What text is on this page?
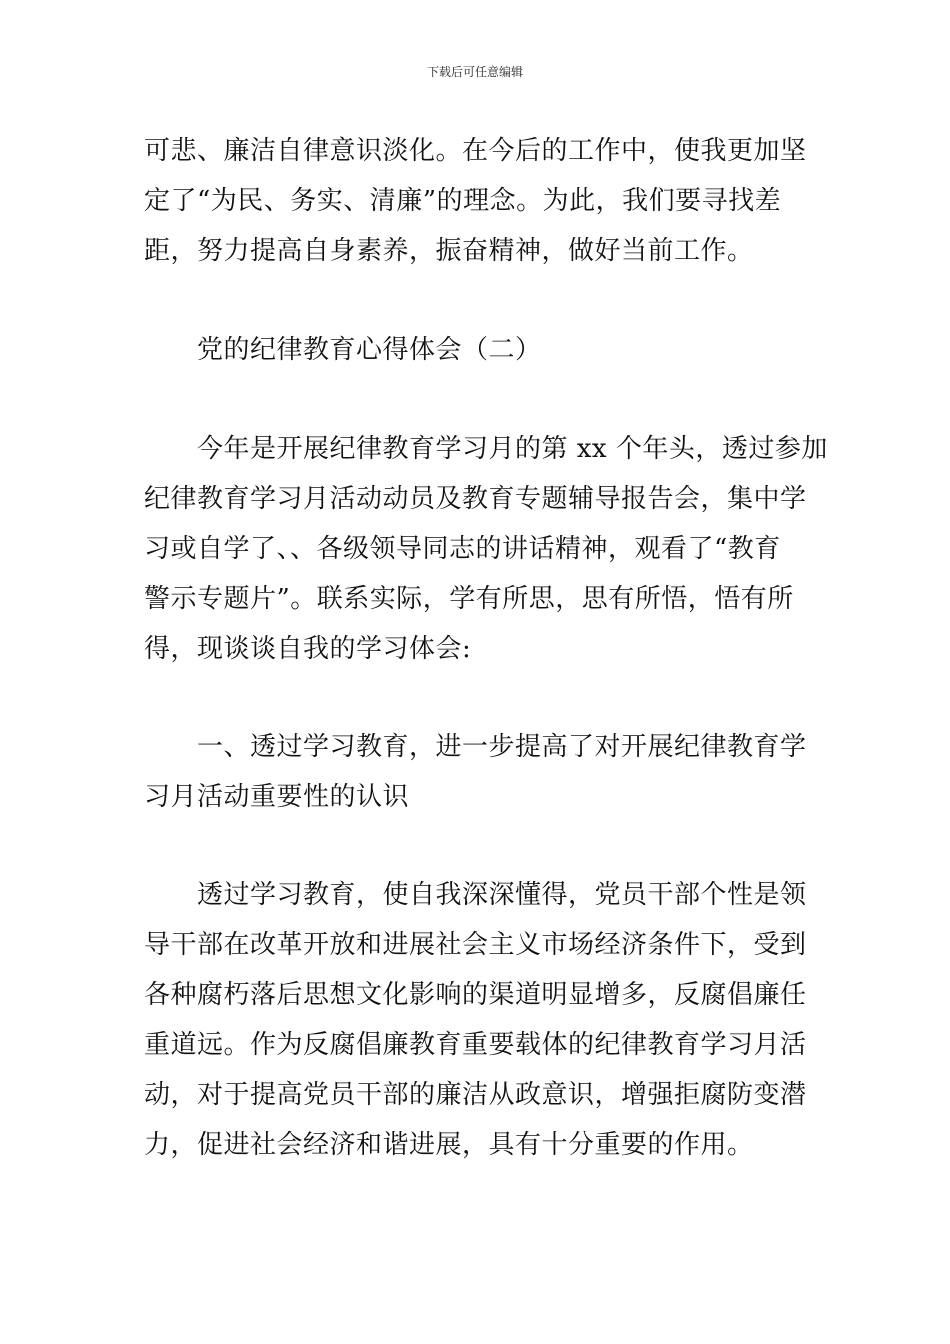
下载后可任意编辑
可悲、廉洁自律意识淡化。在今后的工作中，使我更加坚
定了“为民、务实、清廉”的理念。为此，我们要寻找差
距，努力提高自身素养，振奋精神，做好当前工作。
党的纪律教育心得体会（二）
今年是开展纪律教育学习月的第 xx 个年头，透过参加
纪律教育学习月活动动员及教育专题辅导报告会，集中学
习或自学了、、各级领导同志的讲话精神，观看了“教育
警示专题片”。联系实际，学有所思，思有所悟，悟有所
得，现谈谈自我的学习体会:
一、透过学习教育，进一步提高了对开展纪律教育学
习月活动重要性的认识
透过学习教育，使自我深深懂得，党员干部个性是领
导干部在改革开放和进展社会主义市场经济条件下，受到
各种腐朽落后思想文化影响的渠道明显增多，反腐倡廉任
重道远。作为反腐倡廉教育重要载体的纪律教育学习月活
动，对于提高党员干部的廉洁从政意识，增强拒腐防变潜
力，促进社会经济和谐进展，具有十分重要的作用。
